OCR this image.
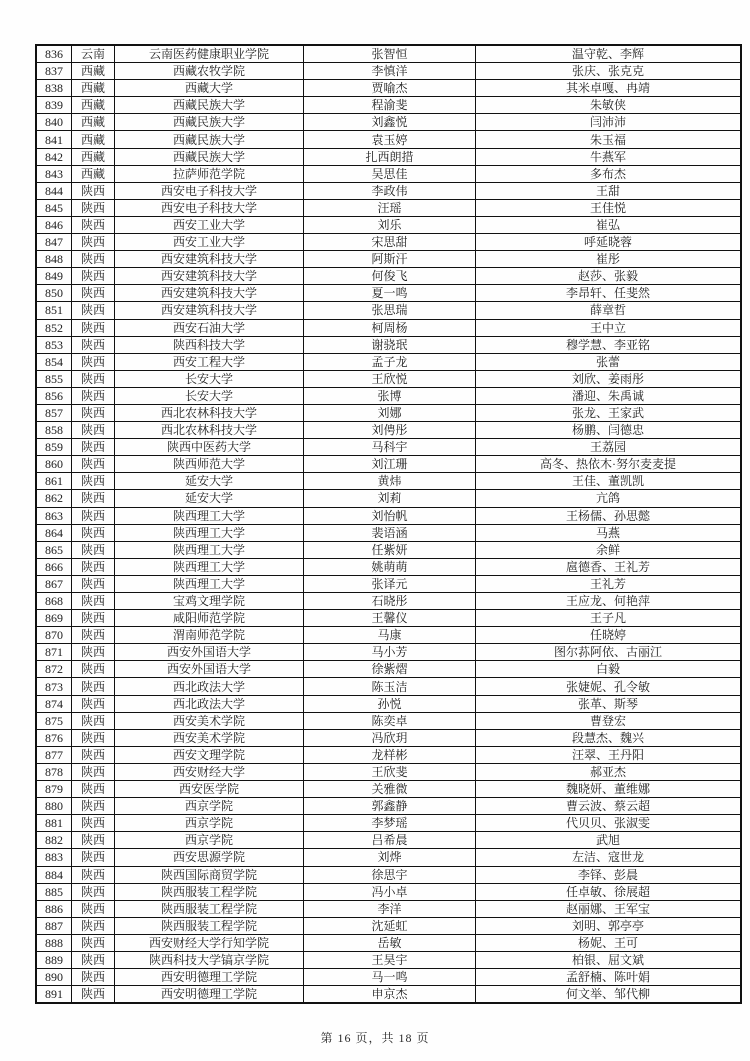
836	云南	云南医药健康职业学院	张智恒	温守乾、李辉
837	西藏	西藏农牧学院	李慎洋	张庆、张克克
838	西藏	西藏大学	贾喻杰	其米卓嘎、冉靖
839	西藏	西藏民族大学	程渝斐	朱敏侠
840	西藏	西藏民族大学	刘鑫悦	闫沛沛
841	西藏	西藏民族大学	袁玉婷	朱玉福
842	西藏	西藏民族大学	扎西朗措	牛燕军
843	西藏	拉萨师范学院	吴思佳	多布杰
844	陕西	西安电子科技大学	李政伟	王甜
845	陕西	西安电子科技大学	汪瑶	王佳悦
846	陕西	西安工业大学	刘乐	崔弘
847	陕西	西安工业大学	宋思甜	呼延晓蓉
848	陕西	西安建筑科技大学	阿斯汗	崔彤
849	陕西	西安建筑科技大学	何俊飞	赵莎、张毅
850	陕西	西安建筑科技大学	夏一鸣	李昂轩、任斐然
851	陕西	西安建筑科技大学	张思瑞	薛章哲
852	陕西	西安石油大学	柯周杨	王中立
853	陕西	陕西科技大学	谢骁珉	穆学慧、李亚铭
854	陕西	西安工程大学	孟子龙	张蕾
855	陕西	长安大学	王欣悦	刘欣、姜雨彤
856	陕西	长安大学	张博	潘迎、朱禹诚
857	陕西	西北农林科技大学	刘娜	张龙、王家武
858	陕西	西北农林科技大学	刘俜彤	杨鹏、闫德忠
859	陕西	陕西中医药大学	马科宇	王荔园
860	陕西	陕西师范大学	刘江珊	高冬、热依木·努尔麦麦提
861	陕西	延安大学	黄炜	王佳、董凯凯
862	陕西	延安大学	刘莉	亢鸽
863	陕西	陕西理工大学	刘怡帆	王杨儒、孙思懿
864	陕西	陕西理工大学	裴语涵	马燕
865	陕西	陕西理工大学	任紫妍	余鲜
866	陕西	陕西理工大学	姚萌萌	扈德香、王礼芳
867	陕西	陕西理工大学	张译元	王礼芳
868	陕西	宝鸡文理学院	石晓彤	王应龙、何艳萍
869	陕西	咸阳师范学院	王馨仪	王子凡
870	陕西	渭南师范学院	马康	任晓婷
871	陕西	西安外国语大学	马小芳	图尔荪阿依、古丽江
872	陕西	西安外国语大学	徐紫熠	白毅
873	陕西	西北政法大学	陈玉洁	张婕妮、孔令敏
874	陕西	西北政法大学	孙悦	张革、斯琴
875	陕西	西安美术学院	陈奕卓	曹登宏
876	陕西	西安美术学院	冯欣玥	段慧杰、魏兴
877	陕西	西安文理学院	龙样彬	汪翠、王丹阳
878	陕西	西安财经大学	王欣斐	郝亚杰
879	陕西	西安医学院	关雅微	魏晓妍、董维娜
880	陕西	西京学院	郭鑫静	曹云波、蔡云超
881	陕西	西京学院	李梦瑶	代贝贝、张淑雯
882	陕西	西京学院	吕希晨	武旭
883	陕西	西安思源学院	刘烨	左洁、寇世龙
884	陕西	陕西国际商贸学院	徐思宇	李铎、彭晨
885	陕西	陕西服装工程学院	冯小卓	任卓敏、徐展超
886	陕西	陕西服装工程学院	李洋	赵丽娜、王军宝
887	陕西	陕西服装工程学院	沈延虹	刘明、郭亭亭
888	陕西	西安财经大学行知学院	岳敏	杨妮、王可
889	陕西	陕西科技大学镐京学院	王昊宇	柏银、屈文斌
890	陕西	西安明德理工学院	马一鸣	孟舒楠、陈叶娟
891	陕西	西安明德理工学院	申京杰	何文举、邹代柳
第 16 页，共 18 页
